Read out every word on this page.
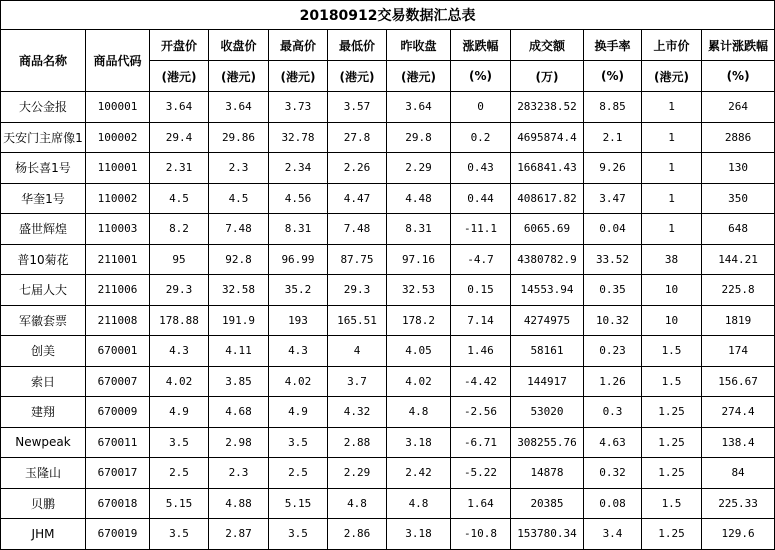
20180912交易数据汇总表											
商品名称	商品代码	开盘价	收盘价	最高价	最低价	昨收盘	涨跌幅	成交额	换手率	上市价	累计涨跌幅
		(港元)	(港元)	(港元)	(港元)	(港元)	(%)	(万)	(%)	(港元)	(%)
大公金报	100001	3.64	3.64	3.73	3.57	3.64	0	283238.52	8.85	1	264
天安门主席像1	100002	29.4	29.86	32.78	27.8	29.8	0.2	4695874.4	2.1	1	2886
杨长喜1号	110001	2.31	2.3	2.34	2.26	2.29	0.43	166841.43	9.26	1	130
华奎1号	110002	4.5	4.5	4.56	4.47	4.48	0.44	408617.82	3.47	1	350
盛世辉煌	110003	8.2	7.48	8.31	7.48	8.31	-11.1	6065.69	0.04	1	648
普10菊花	211001	95	92.8	96.99	87.75	97.16	-4.7	4380782.9	33.52	38	144.21
七届人大	211006	29.3	32.58	35.2	29.3	32.53	0.15	14553.94	0.35	10	225.8
军徽套票	211008	178.88	191.9	193	165.51	178.2	7.14	4274975	10.32	10	1819
创美	670001	4.3	4.11	4.3	4	4.05	1.46	58161	0.23	1.5	174
索日	670007	4.02	3.85	4.02	3.7	4.02	-4.42	144917	1.26	1.5	156.67
建翔	670009	4.9	4.68	4.9	4.32	4.8	-2.56	53020	0.3	1.25	274.4
Newpeak	670011	3.5	2.98	3.5	2.88	3.18	-6.71	308255.76	4.63	1.25	138.4
玉隆山	670017	2.5	2.3	2.5	2.29	2.42	-5.22	14878	0.32	1.25	84
贝鹏	670018	5.15	4.88	5.15	4.8	4.8	1.64	20385	0.08	1.5	225.33
JHM	670019	3.5	2.87	3.5	2.86	3.18	-10.8	153780.34	3.4	1.25	129.6
